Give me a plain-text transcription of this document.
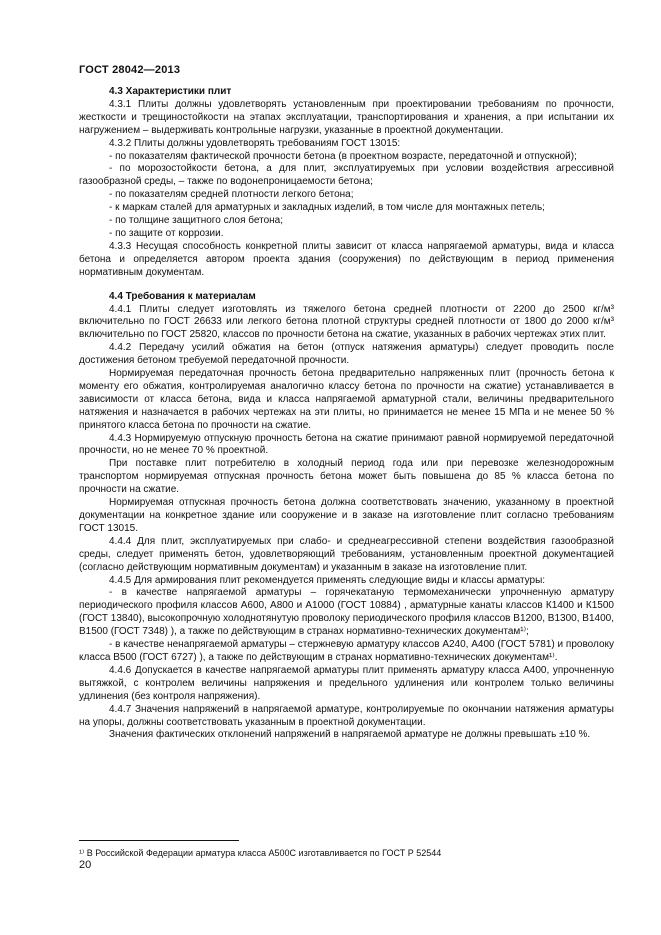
ГОСТ 28042—2013

4.3 Характеристики плит

4.3.1 Плиты должны удовлетворять установленным при проектировании требованиям по прочности, жесткости и трещиностойкости на этапах эксплуатации, транспортирования и хранения, а при испытании их нагружением – выдерживать контрольные нагрузки, указанные в проектной документации.

4.3.2 Плиты должны удовлетворять требованиям ГОСТ 13015:

- по показателям фактической прочности бетона (в проектном возрасте, передаточной и отпускной);

- по морозостойкости бетона, а для плит, эксплуатируемых при условии воздействия агрессивной газообразной среды, – также по водонепроницаемости бетона;

- по показателям средней плотности легкого бетона;

- к маркам сталей для арматурных и закладных изделий, в том числе для монтажных петель;

- по толщине защитного слоя бетона;

- по защите от коррозии.

4.3.3 Несущая способность конкретной плиты зависит от класса напрягаемой арматуры, вида и класса бетона и определяется автором проекта здания (сооружения) по действующим в период применения нормативным документам.

4.4 Требования к материалам

4.4.1 Плиты следует изготовлять из тяжелого бетона средней плотности от 2200 до 2500 кг/м³ включительно по ГОСТ 26633 или легкого бетона плотной структуры средней плотности от 1800 до 2000 кг/м³ включительно по ГОСТ 25820, классов по прочности бетона на сжатие, указанных в рабочих чертежах этих плит.

4.4.2 Передачу усилий обжатия на бетон (отпуск натяжения арматуры) следует проводить после достижения бетоном требуемой передаточной прочности.

Нормируемая передаточная прочность бетона предварительно напряженных плит (прочность бетона к моменту его обжатия, контролируемая аналогично классу бетона по прочности на сжатие) устанавливается в зависимости от класса бетона, вида и класса напрягаемой арматурной стали, величины предварительного натяжения и назначается в рабочих чертежах на эти плиты, но принимается не менее 15 МПа и не менее 50 % принятого класса бетона по прочности на сжатие.

4.4.3 Нормируемую отпускную прочность бетона на сжатие принимают равной нормируемой передаточной прочности, но не менее 70 % проектной.

При поставке плит потребителю в холодный период года или при перевозке железнодорожным транспортом нормируемая отпускная прочность бетона может быть повышена до 85 % класса бетона по прочности на сжатие.

Нормируемая отпускная прочность бетона должна соответствовать значению, указанному в проектной документации на конкретное здание или сооружение и в заказе на изготовление плит согласно требованиям ГОСТ 13015.

4.4.4 Для плит, эксплуатируемых при слабо- и среднеагрессивной степени воздействия газообразной среды, следует применять бетон, удовлетворяющий требованиям, установленным проектной документацией (согласно действующим нормативным документам) и указанным в заказе на изготовление плит.

4.4.5 Для армирования плит рекомендуется применять следующие виды и классы арматуры:

- в качестве напрягаемой арматуры – горячекатаную термомеханически упрочненную арматуру периодического профиля классов А600, А800 и А1000 (ГОСТ 10884) , арматурные канаты классов К1400 и К1500 (ГОСТ 13840), высокопрочную холоднотянутую проволоку периодического профиля классов В1200, В1300, В1400, В1500 (ГОСТ 7348) ), а также по действующим в странах нормативно-технических документам¹⁾;

- в качестве ненапрягаемой арматуры – стержневую арматуру классов А240, А400 (ГОСТ 5781) и проволоку класса В500 (ГОСТ 6727) ), а также по действующим в странах нормативно-технических документам¹⁾.

4.4.6 Допускается в качестве напрягаемой арматуры плит применять арматуру класса А400, упрочненную вытяжкой, с контролем величины напряжения и предельного удлинения или контролем только величины удлинения (без контроля напряжения).

4.4.7 Значения напряжений в напрягаемой арматуре, контролируемые по окончании натяжения арматуры на упоры, должны соответствовать указанным в проектной документации.

Значения фактических отклонений напряжений в напрягаемой арматуре не должны превышать ±10 %.

¹⁾ В Российской Федерации арматура класса А500С изготавливается по ГОСТ Р 52544
20
